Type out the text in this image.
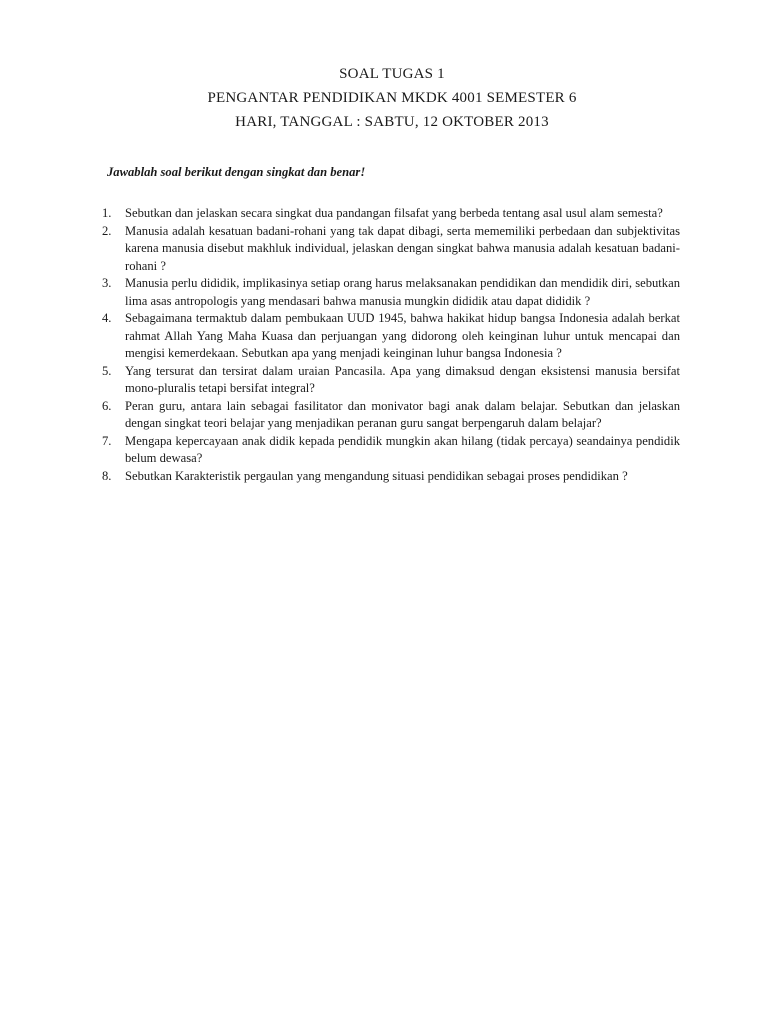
SOAL TUGAS 1
PENGANTAR PENDIDIKAN MKDK 4001 SEMESTER 6
HARI, TANGGAL : SABTU, 12 OKTOBER 2013
Jawablah soal berikut dengan singkat dan benar!
1. Sebutkan dan jelaskan secara singkat dua pandangan filsafat yang berbeda tentang asal usul alam semesta?
2. Manusia adalah kesatuan badani-rohani yang tak dapat dibagi, serta mememiliki perbedaan dan subjektivitas karena manusia disebut makhluk individual, jelaskan dengan singkat bahwa manusia adalah kesatuan badani- rohani ?
3. Manusia perlu dididik, implikasinya setiap orang harus melaksanakan pendidikan dan mendidik diri, sebutkan lima asas antropologis yang mendasari bahwa manusia mungkin dididik atau dapat dididik ?
4. Sebagaimana termaktub dalam pembukaan UUD 1945, bahwa hakikat hidup bangsa Indonesia adalah berkat rahmat Allah Yang Maha Kuasa dan perjuangan yang didorong oleh keinginan luhur untuk mencapai dan mengisi kemerdekaan. Sebutkan apa yang menjadi keinginan luhur bangsa Indonesia ?
5. Yang tersurat dan tersirat dalam uraian Pancasila. Apa yang dimaksud dengan eksistensi manusia bersifat mono-pluralis tetapi bersifat integral?
6. Peran guru, antara lain sebagai fasilitator dan monivator bagi anak dalam belajar. Sebutkan dan jelaskan dengan singkat teori belajar yang menjadikan peranan guru sangat berpengaruh dalam belajar?
7. Mengapa kepercayaan anak didik kepada pendidik mungkin akan hilang (tidak percaya) seandainya pendidik belum dewasa?
8. Sebutkan Karakteristik pergaulan yang mengandung situasi pendidikan sebagai proses pendidikan ?
